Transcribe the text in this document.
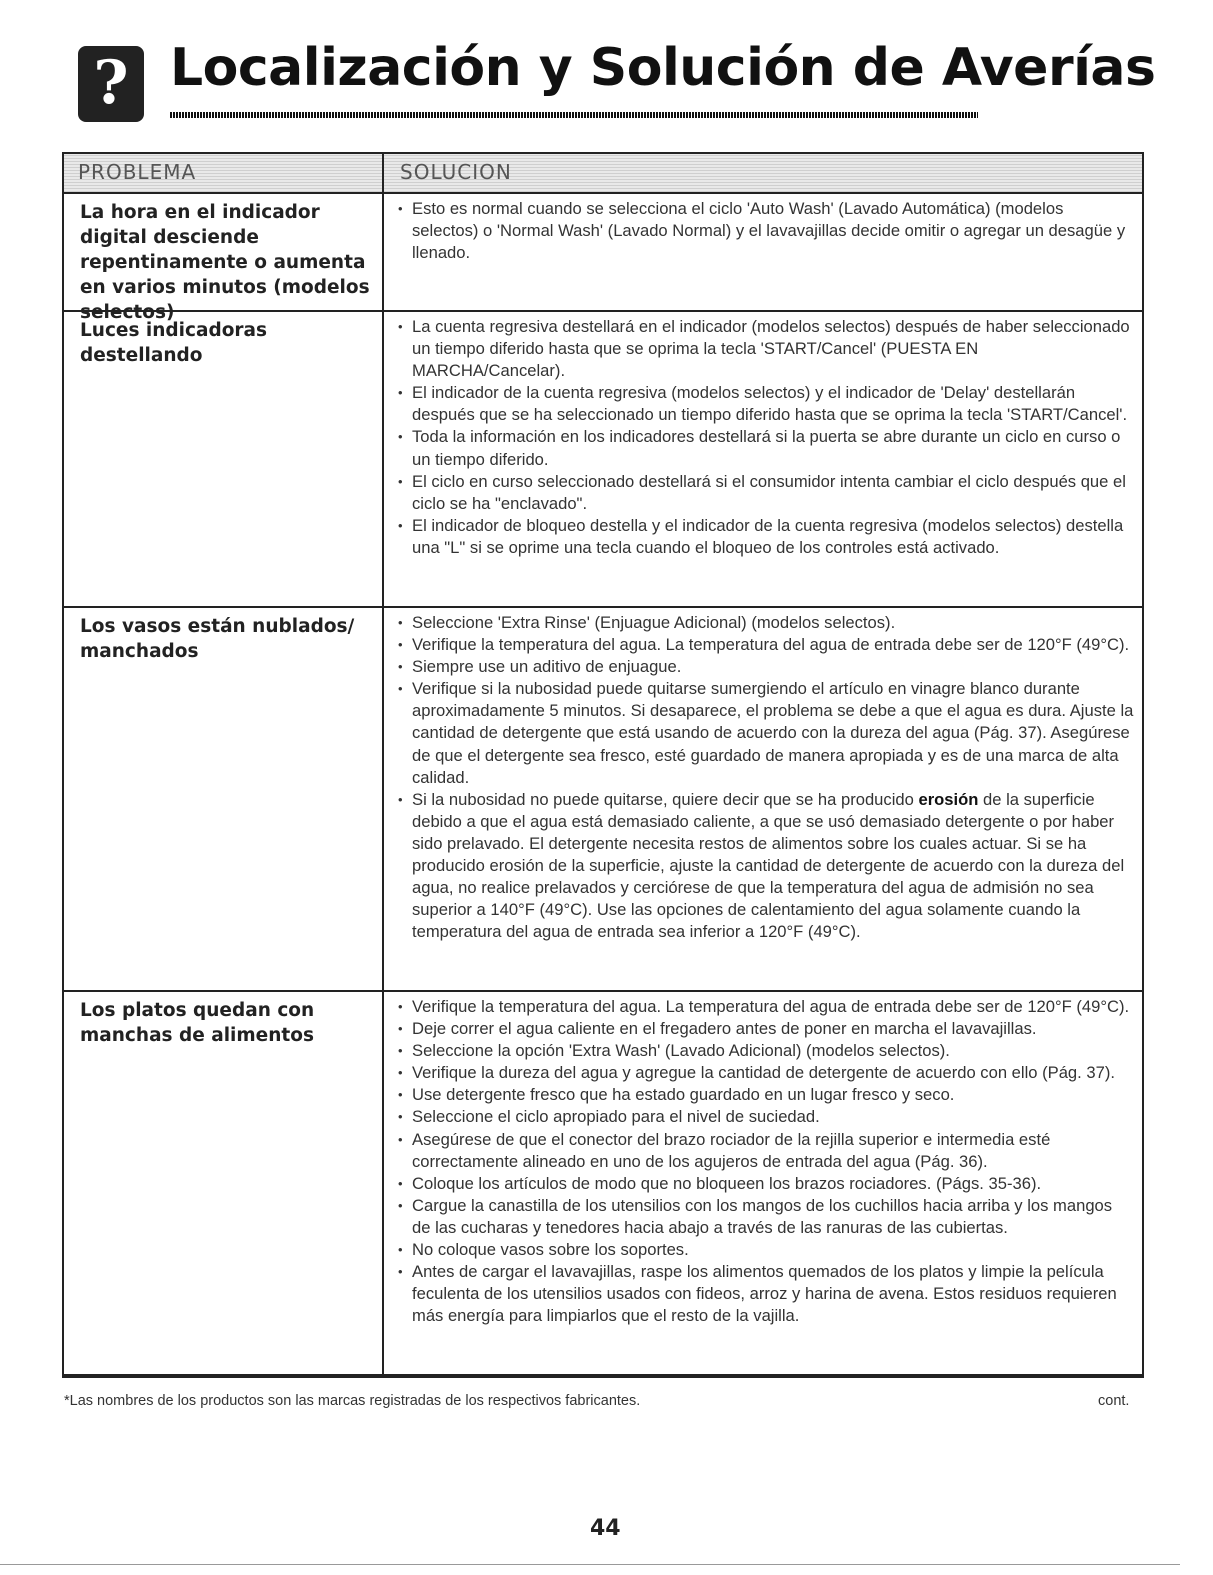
? Localización y Solución de Averías
PROBLEMA	SOLUCION
La hora en el indicador digital desciende repentinamente o aumenta en varios minutos (modelos selectos)
• Esto es normal cuando se selecciona el ciclo 'Auto Wash' (Lavado Automática) (modelos selectos) o 'Normal Wash' (Lavado Normal) y el lavavajillas decide omitir o agregar un desagüe y llenado.
Luces indicadoras destellando
• La cuenta regresiva destellará en el indicador (modelos selectos) después de haber seleccionado un tiempo diferido hasta que se oprima la tecla 'START/Cancel' (PUESTA EN MARCHA/Cancelar).
• El indicador de la cuenta regresiva (modelos selectos) y el indicador de 'Delay' destellarán después que se ha seleccionado un tiempo diferido hasta que se oprima la tecla 'START/Cancel'.
• Toda la información en los indicadores destellará si la puerta se abre durante un ciclo en curso o un tiempo diferido.
• El ciclo en curso seleccionado destellará si el consumidor intenta cambiar el ciclo después que el ciclo se ha "enclavado".
• El indicador de bloqueo destella y el indicador de la cuenta regresiva (modelos selectos) destella una "L" si se oprime una tecla cuando el bloqueo de los controles está activado.
Los vasos están nublados/ manchados
• Seleccione 'Extra Rinse' (Enjuague Adicional) (modelos selectos).
• Verifique la temperatura del agua. La temperatura del agua de entrada debe ser de 120°F (49°C).
• Siempre use un aditivo de enjuague.
• Verifique si la nubosidad puede quitarse sumergiendo el artículo en vinagre blanco durante aproximadamente 5 minutos. Si desaparece, el problema se debe a que el agua es dura. Ajuste la cantidad de detergente que está usando de acuerdo con la dureza del agua (Pág. 37). Asegúrese de que el detergente sea fresco, esté guardado de manera apropiada y es de una marca de alta calidad.
• Si la nubosidad no puede quitarse, quiere decir que se ha producido erosión de la superficie debido a que el agua está demasiado caliente, a que se usó demasiado detergente o por haber sido prelavado. El detergente necesita restos de alimentos sobre los cuales actuar. Si se ha producido erosión de la superficie, ajuste la cantidad de detergente de acuerdo con la dureza del agua, no realice prelavados y cerciórese de que la temperatura del agua de admisión no sea superior a 140°F (49°C). Use las opciones de calentamiento del agua solamente cuando la temperatura del agua de entrada sea inferior a 120°F (49°C).
Los platos quedan con manchas de alimentos
• Verifique la temperatura del agua. La temperatura del agua de entrada debe ser de 120°F (49°C).
• Deje correr el agua caliente en el fregadero antes de poner en marcha el lavavajillas.
• Seleccione la opción 'Extra Wash' (Lavado Adicional) (modelos selectos).
• Verifique la dureza del agua y agregue la cantidad de detergente de acuerdo con ello (Pág. 37).
• Use detergente fresco que ha estado guardado en un lugar fresco y seco.
• Seleccione el ciclo apropiado para el nivel de suciedad.
• Asegúrese de que el conector del brazo rociador de la rejilla superior e intermedia esté correctamente alineado en uno de los agujeros de entrada del agua (Pág. 36).
• Coloque los artículos de modo que no bloqueen los brazos rociadores. (Págs. 35-36).
• Cargue la canastilla de los utensilios con los mangos de los cuchillos hacia arriba y los mangos de las cucharas y tenedores hacia abajo a través de las ranuras de las cubiertas.
• No coloque vasos sobre los soportes.
• Antes de cargar el lavavajillas, raspe los alimentos quemados de los platos y limpie la película feculenta de los utensilios usados con fideos, arroz y harina de avena. Estos residuos requieren más energía para limpiarlos que el resto de la vajilla.
*Las nombres de los productos son las marcas registradas de los respectivos fabricantes.	cont.
44
